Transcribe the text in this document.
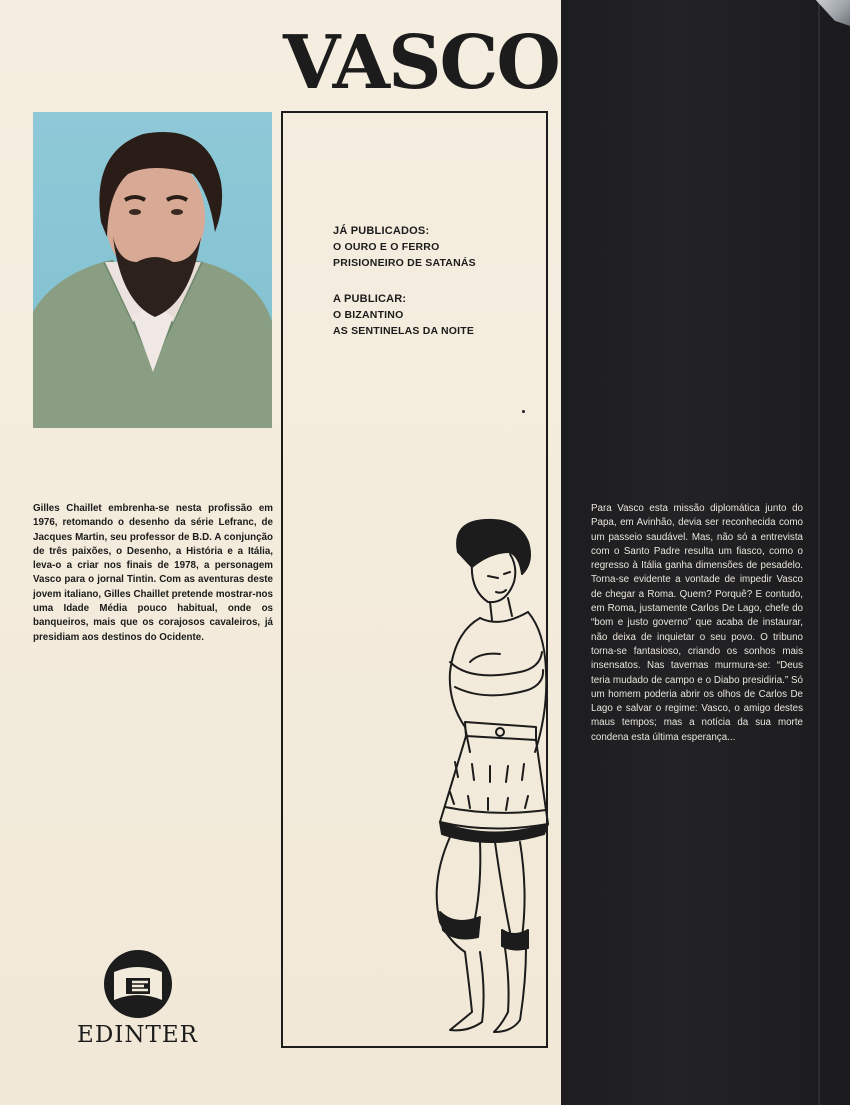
VASCO
JÁ PUBLICADOS:
O OURO E O FERRO
PRISIONEIRO DE SATANÁS
A PUBLICAR:
O BIZANTINO
AS SENTINELAS DA NOITE

Gilles Chaillet embrenha-se nesta profissão em 1976, retomando o desenho da série Lefranc, de Jacques Martin, seu professor de B.D. A conjunção de três paixões, o Desenho, a História e a Itália, leva-o a criar nos finais de 1978, a personagem Vasco para o jornal Tintin. Com as aventuras deste jovem italiano, Gilles Chaillet pretende mostrar-nos uma Idade Média pouco habitual, onde os banqueiros, mais que os corajosos cavaleiros, já presidiam aos destinos do Ocidente.

Para Vasco esta missão diplomática junto do Papa, em Avinhão, devia ser reconhecida como um passeio saudável. Mas, não só a entrevista com o Santo Padre resulta um fiasco, como o regresso à Itália ganha dimensões de pesadelo. Torna-se evidente a vontade de impedir Vasco de chegar a Roma. Quem? Porquê? E contudo, em Roma, justamente Carlos De Lago, chefe do “bom e justo governo” que acaba de instaurar, não deixa de inquietar o seu povo. O tribuno torna-se fantasioso, criando os sonhos mais insensatos. Nas tavernas murmura-se: “Deus teria mudado de campo e o Diabo presidiria.” Só um homem poderia abrir os olhos de Carlos De Lago e salvar o regime: Vasco, o amigo destes maus tempos; mas a notícia da sua morte condena esta última esperança...

EDINTER
